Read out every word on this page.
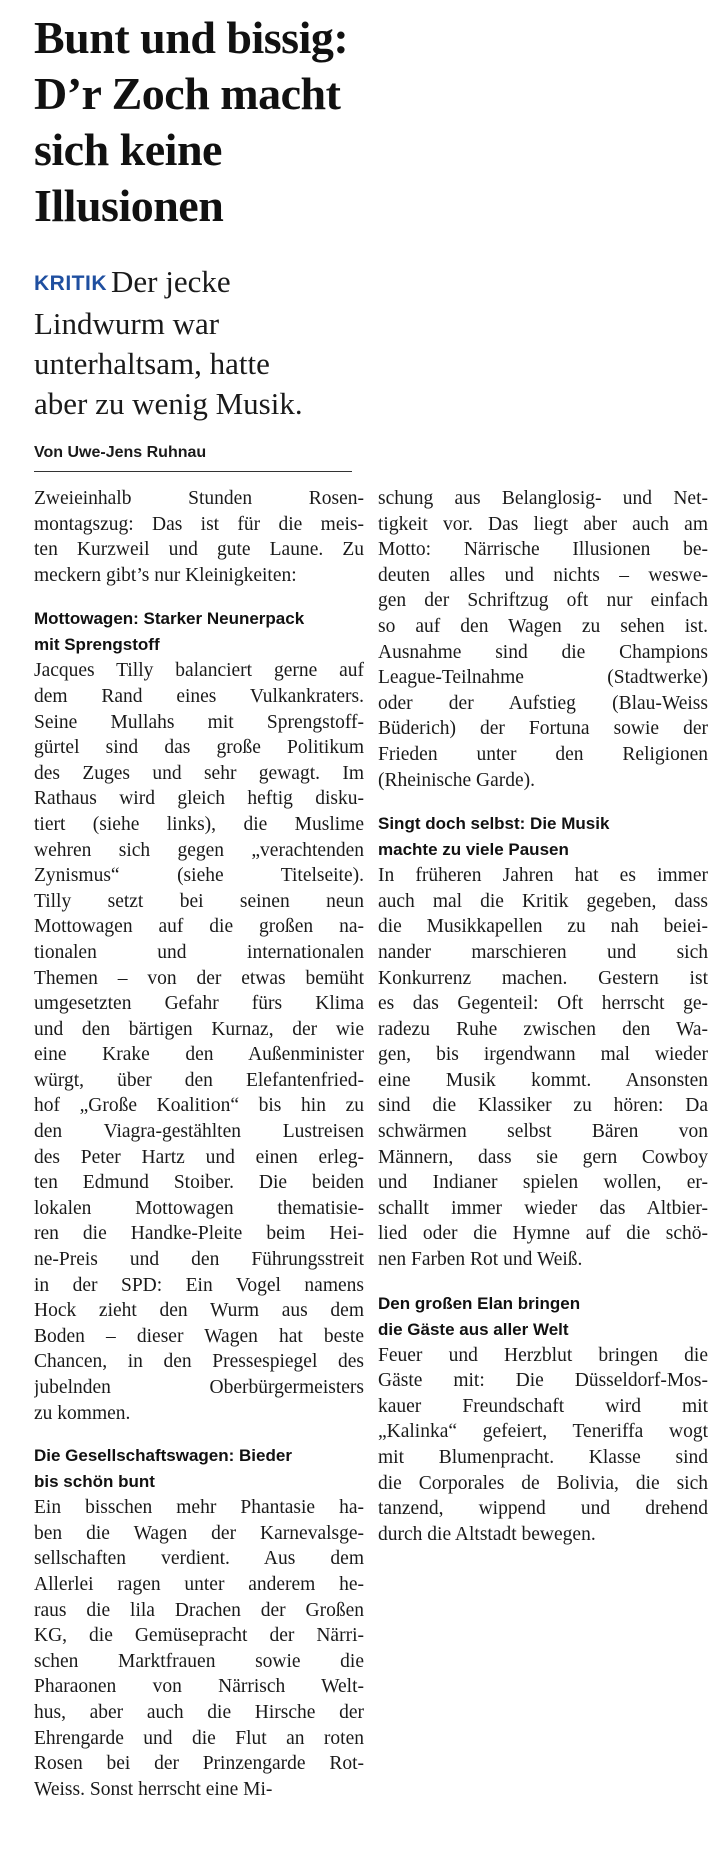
Bunt und bissig:
D’r Zoch macht
sich keine
Illusionen
KRITIK Der jecke
Lindwurm war
unterhaltsam, hatte
aber zu wenig Musik.
Von Uwe-Jens Ruhnau
Zweieinhalb Stunden Rosen-
montagszug: Das ist für die meis-
ten Kurzweil und gute Laune. Zu
meckern gibt’s nur Kleinigkeiten:
Mottowagen: Starker Neunerpack
mit Sprengstoff
Jacques Tilly balanciert gerne auf
dem Rand eines Vulkankraters.
Seine Mullahs mit Sprengstoff-
gürtel sind das große Politikum
des Zuges und sehr gewagt. Im
Rathaus wird gleich heftig disku-
tiert (siehe links), die Muslime
wehren sich gegen „verachtenden
Zynismus“ (siehe Titelseite).
Tilly setzt bei seinen neun
Mottowagen auf die großen na-
tionalen und internationalen
Themen – von der etwas bemüht
umgesetzten Gefahr fürs Klima
und den bärtigen Kurnaz, der wie
eine Krake den Außenminister
würgt, über den Elefantenfried-
hof „Große Koalition“ bis hin zu
den Viagra-gestählten Lustreisen
des Peter Hartz und einen erleg-
ten Edmund Stoiber. Die beiden
lokalen Mottowagen thematisie-
ren die Handke-Pleite beim Hei-
ne-Preis und den Führungsstreit
in der SPD: Ein Vogel namens
Hock zieht den Wurm aus dem
Boden – dieser Wagen hat beste
Chancen, in den Pressespiegel des
jubelnden Oberbürgermeisters
zu kommen.
Die Gesellschaftswagen: Bieder
bis schön bunt
Ein bisschen mehr Phantasie ha-
ben die Wagen der Karnevalsge-
sellschaften verdient. Aus dem
Allerlei ragen unter anderem he-
raus die lila Drachen der Großen
KG, die Gemüsepracht der Närri-
schen Marktfrauen sowie die
Pharaonen von Närrisch Welt-
hus, aber auch die Hirsche der
Ehrengarde und die Flut an roten
Rosen bei der Prinzengarde Rot-
Weiss. Sonst herrscht eine Mi-
schung aus Belanglosig- und Net-
tigkeit vor. Das liegt aber auch am
Motto: Närrische Illusionen be-
deuten alles und nichts – weswe-
gen der Schriftzug oft nur einfach
so auf den Wagen zu sehen ist.
Ausnahme sind die Champions
League-Teilnahme (Stadtwerke)
oder der Aufstieg (Blau-Weiss
Büderich) der Fortuna sowie der
Frieden unter den Religionen
(Rheinische Garde).
Singt doch selbst: Die Musik
machte zu viele Pausen
In früheren Jahren hat es immer
auch mal die Kritik gegeben, dass
die Musikkapellen zu nah beiei-
nander marschieren und sich
Konkurrenz machen. Gestern ist
es das Gegenteil: Oft herrscht ge-
radezu Ruhe zwischen den Wa-
gen, bis irgendwann mal wieder
eine Musik kommt. Ansonsten
sind die Klassiker zu hören: Da
schwärmen selbst Bären von
Männern, dass sie gern Cowboy
und Indianer spielen wollen, er-
schallt immer wieder das Altbier-
lied oder die Hymne auf die schö-
nen Farben Rot und Weiß.
Den großen Elan bringen
die Gäste aus aller Welt
Feuer und Herzblut bringen die
Gäste mit: Die Düsseldorf-Mos-
kauer Freundschaft wird mit
„Kalinka“ gefeiert, Teneriffa wogt
mit Blumenpracht. Klasse sind
die Corporales de Bolivia, die sich
tanzend, wippend und drehend
durch die Altstadt bewegen.
